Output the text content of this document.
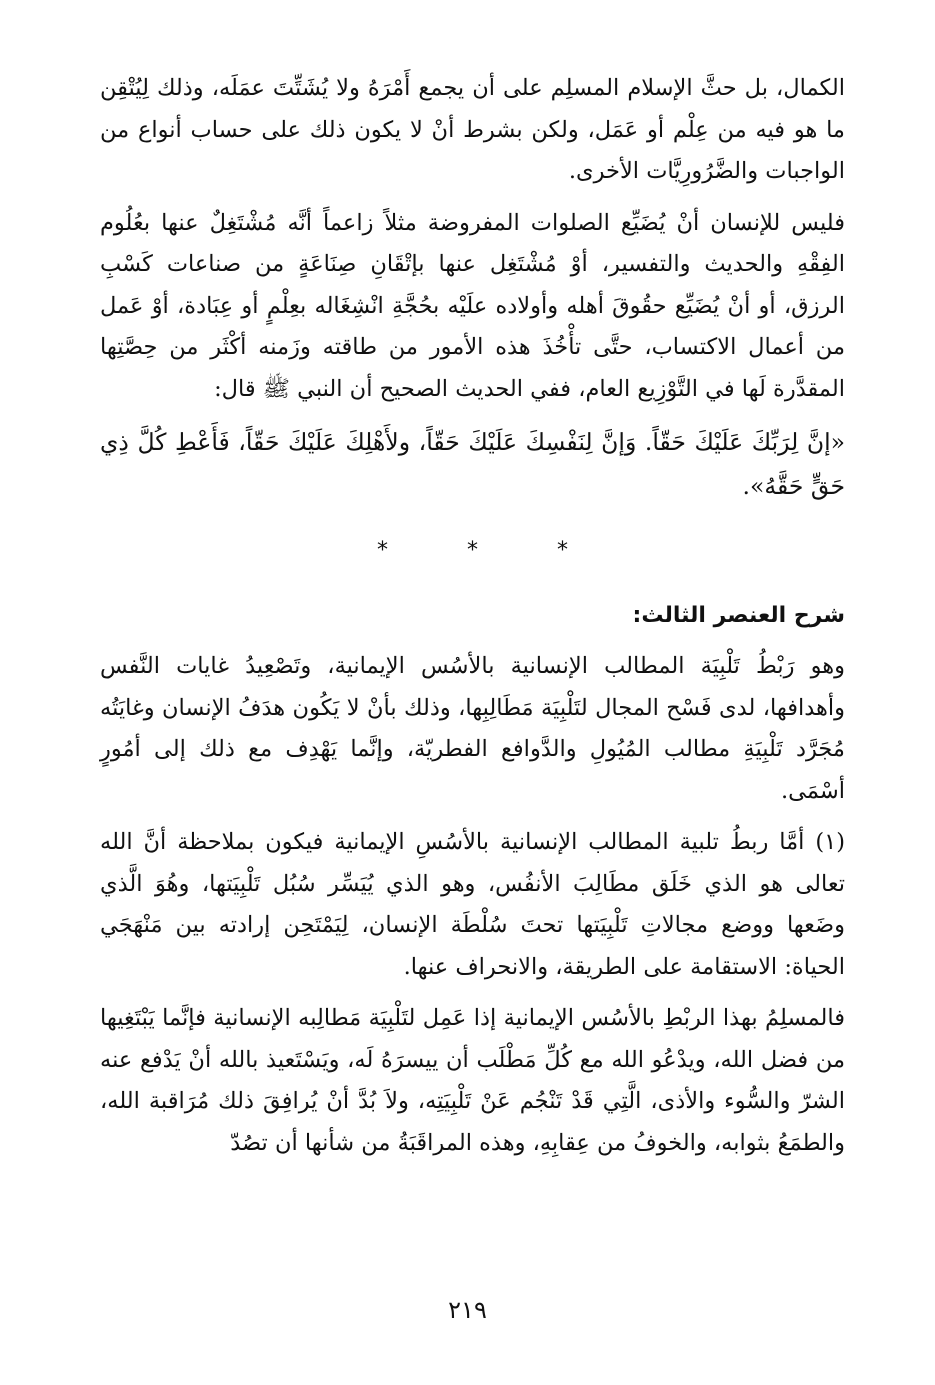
الكمال، بل حثَّ الإسلام المسلِم على أن يجمع أَمْرَهُ ولا يُشَتِّتَ عمَلَه، وذلك لِيُتْقِن ما هو فيه من عِلْم أو عَمَل، ولكن بشرط أنْ لا يكون ذلك على حساب أنواع من الواجبات والضَّرُورِيَّات الأخرى.

فليس للإنسان أنْ يُضَيِّع الصلوات المفروضة مثلاً زاعماً أنَّه مُشْتَغِلٌ عنها بعُلُوم الفِقْهِ والحديث والتفسير، أوْ مُشْتَغِل عنها بإتْقَانِ صِنَاعَةٍ من صناعات كَسْبِ الرزق، أو أنْ يُضَيِّع حقُوقَ أهله وأولاده علَيْه بحُجَّةِ انْشِغَاله بعِلْمٍ أو عِبَادة، أوْ عَمل من أعمال الاكتساب، حتَّى تأْخُذَ هذه الأمور من طاقته وزَمنه أكْثَر من حِصَّتِها المقدَّرة لَها في التَّوْزِيع العام، ففي الحديث الصحيح أن النبي ﷺ قال:

«إنَّ لِرَبِّكَ عَلَيْكَ حَقّاً. وَإنَّ لِنَفْسِكَ عَلَيْكَ حَقّاً، ولأَهْلِكَ عَلَيْكَ حَقّاً، فَأَعْطِ كُلَّ ذِي حَقٍّ حَقَّهُ».

* * *
شرح العنصر الثالث:

وهو رَبْطُ تَلْبِيَة المطالب الإنسانية بالأسُس الإيمانية، وتَصْعِيدُ غايات النَّفس وأهدافها، لدى فَسْح المجال لتَلْبِيَة مَطَالِبِها، وذلك بأنْ لا يَكُون هدَفُ الإنسان وغايَتُه مُجَرَّد تَلْبِيَةِ مطالب المُيُولِ والدَّوافع الفطريّة، وإنَّما يَهْدِف مع ذلك إلى أمُورٍ أسْمَى.

(١) أمَّا ربطُ تلبية المطالب الإنسانية بالأسُسِ الإيمانية فيكون بملاحظة أنَّ الله تعالى هو الذي خَلَق مطَالِبَ الأنفُس، وهو الذي يُيَسِّر سُبُل تَلْبِيَتها، وهُوَ الَّذي وضَعها ووضع مجالاتِ تَلْبِيَتها تحتَ سُلْطَة الإنسان، لِيَمْتَحِن إرادته بين مَنْهَجَي الحياة: الاستقامة على الطريقة، والانحراف عنها.

فالمسلِمُ بهذا الربْطِ بالأسُس الإيمانية إذا عَمِل لتَلْبِيَة مَطالِبه الإنسانية فإنَّما يَبْتَغِيها من فضل الله، ويدْعُو الله مع كُلِّ مَطْلَب أن ييسرَهُ لَه، ويَسْتَعيذ بالله أنْ يَدْفع عنه الشرّ والسُّوء والأذى، الَّتِي قَدْ تَنْجُم عَنْ تَلْبِيَتِه، ولاَ بُدَّ أنْ يُرافِقَ ذلك مُرَاقبة الله، والطمَعُ بثوابه، والخوفُ من عِقابِهِ، وهذه المراقَبَةُ من شأنها أن تصُدّ

٢١٩
